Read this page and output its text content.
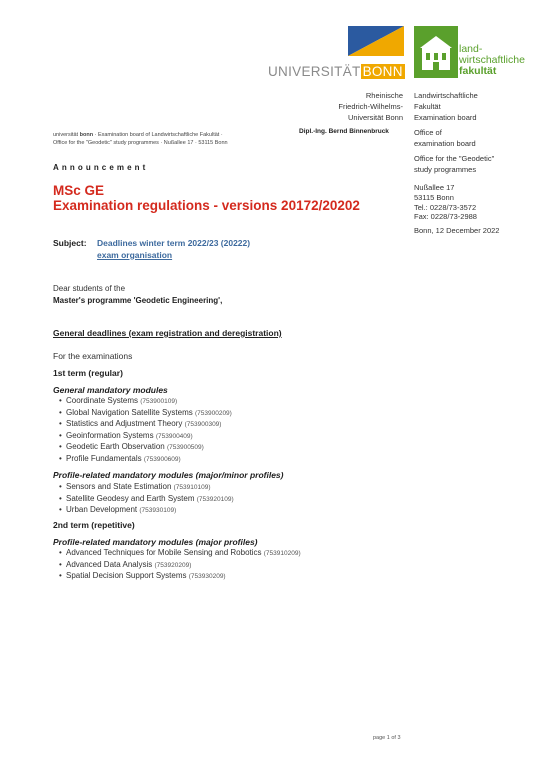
UNIVERSITÄT BONN
land-
wirtschaftliche
fakultät
Rheinische
Friedrich-Wilhelms-
Universität Bonn
Landwirtschaftliche
Fakultät
Examination board
Office of
examination board
Office for the "Geodetic"
study programmes
Nußallee 17
53115 Bonn
Tel.: 0228/73-3572
Fax: 0228/73-2988
Bonn, 12 December 2022
universität bonn · Examination board of Landwirtschaftliche Fakultät ·
Office for the "Geodetic" study programmes · Nußallee 17 · 53115 Bonn
Dipl.-Ing. Bernd Binnenbruck
Announcement
MSc GE
Examination regulations - versions 20172/20202
Subject: Deadlines winter term 2022/23 (20222)
exam organisation
Dear students of the
Master's programme 'Geodetic Engineering',
General deadlines (exam registration and deregistration)
For the examinations
1st term (regular)
General mandatory modules
• Coordinate Systems (753900109)
• Global Navigation Satellite Systems (753900209)
• Statistics and Adjustment Theory (753900309)
• Geoinformation Systems (753900409)
• Geodetic Earth Observation (753900509)
• Profile Fundamentals (753900609)
Profile-related mandatory modules (major/minor profiles)
• Sensors and State Estimation (753910109)
• Satellite Geodesy and Earth System (753920109)
• Urban Development (753930109)
2nd term (repetitive)
Profile-related mandatory modules (major profiles)
• Advanced Techniques for Mobile Sensing and Robotics (753910209)
• Advanced Data Analysis (753920209)
• Spatial Decision Support Systems (753930209)
page 1 of 3
